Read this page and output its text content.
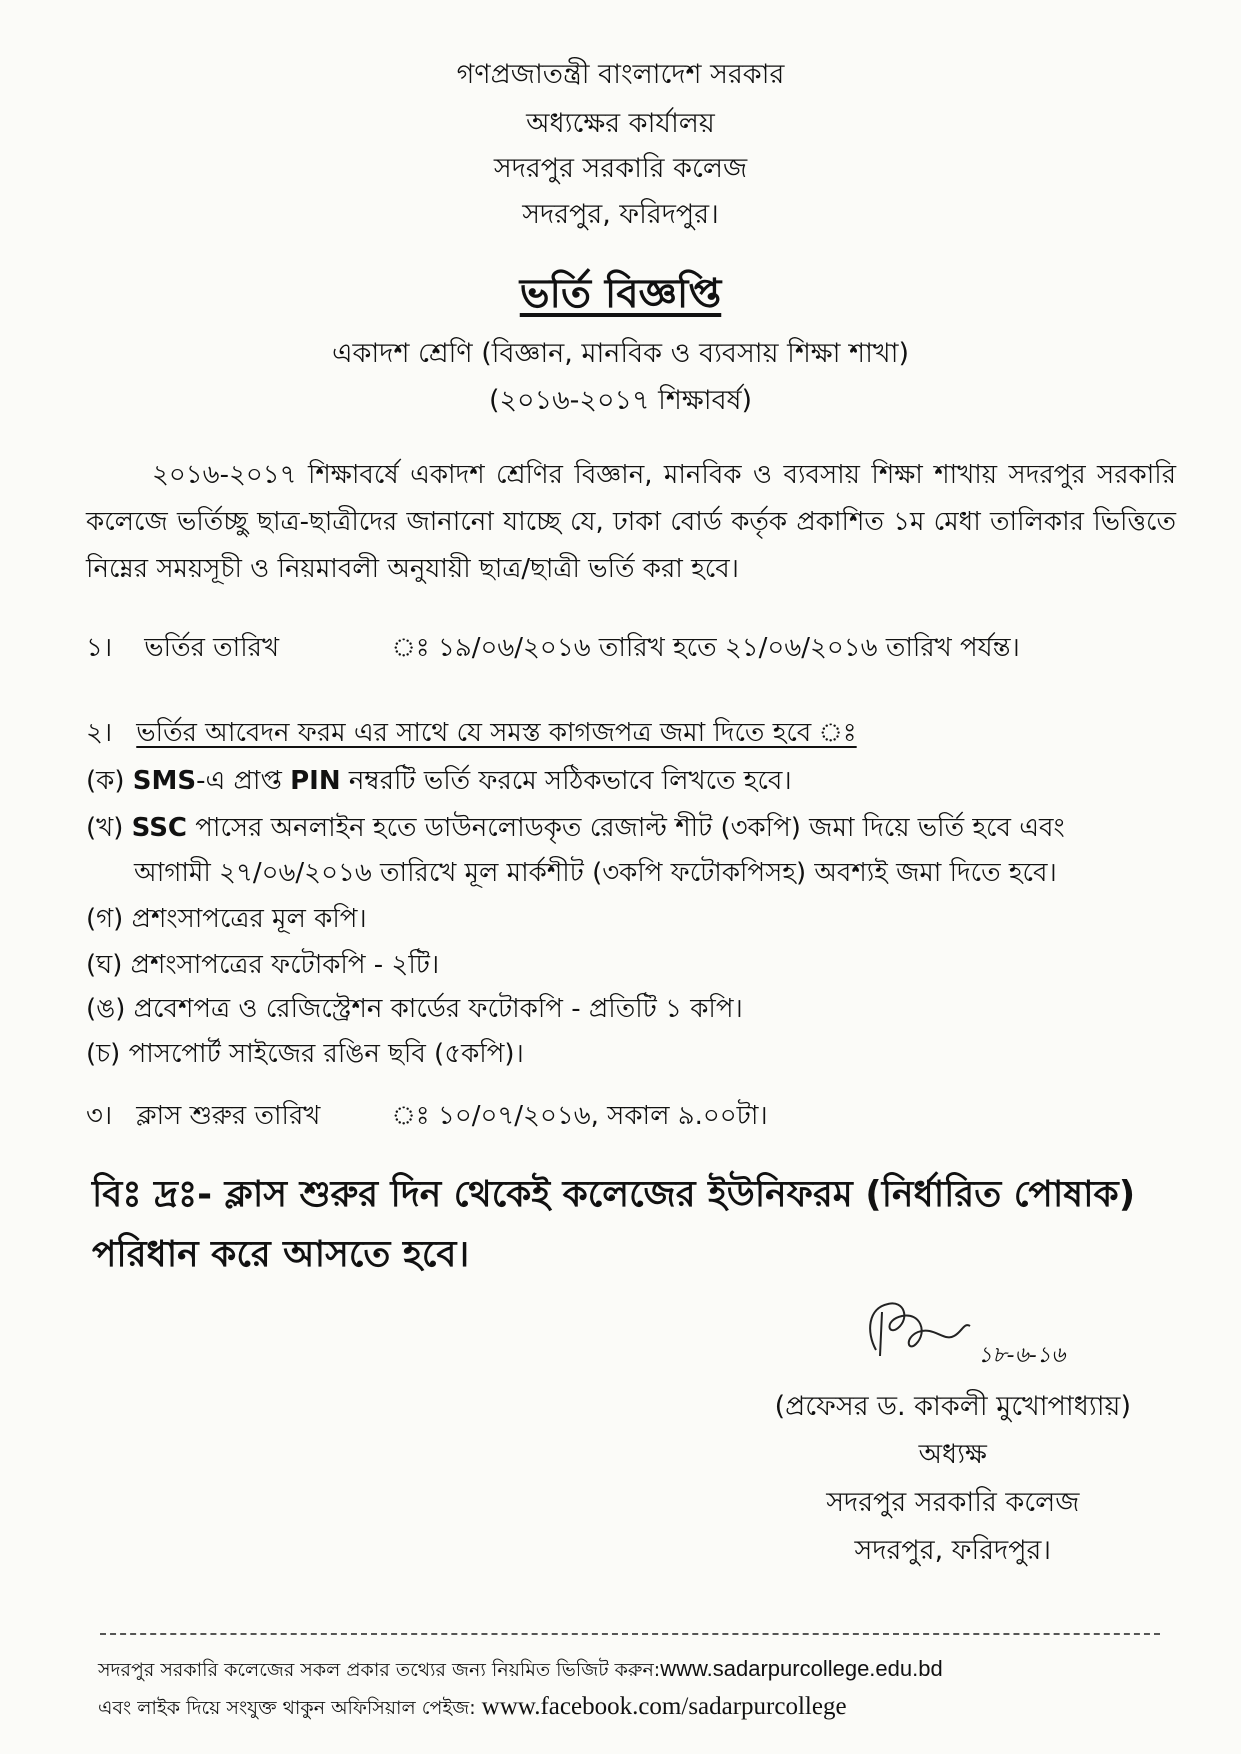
গণপ্রজাতন্ত্রী বাংলাদেশ সরকার
অধ্যক্ষের কার্যালয়
সদরপুর সরকারি কলেজ
সদরপুর, ফরিদপুর।
ভর্তি বিজ্ঞপ্তি
একাদশ শ্রেণি (বিজ্ঞান, মানবিক ও ব্যবসায় শিক্ষা শাখা)
(২০১৬-২০১৭ শিক্ষাবর্ষ)
২০১৬-২০১৭ শিক্ষাবর্ষে একাদশ শ্রেণির বিজ্ঞান, মানবিক ও ব্যবসায় শিক্ষা শাখায় সদরপুর সরকারি কলেজে ভর্তিচ্ছু ছাত্র-ছাত্রীদের জানানো যাচ্ছে যে, ঢাকা বোর্ড কর্তৃক প্রকাশিত ১ম মেধা তালিকার ভিত্তিতে নিম্নের সময়সূচী ও নিয়মাবলী অনুযায়ী ছাত্র/ছাত্রী ভর্তি করা হবে।
১। ভর্তির তারিখ	ঃ ১৯/০৬/২০১৬ তারিখ হতে ২১/০৬/২০১৬ তারিখ পর্যন্ত।
২। ভর্তির আবেদন ফরম এর সাথে যে সমস্ত কাগজপত্র জমা দিতে হবে ঃ
(ক) SMS-এ প্রাপ্ত PIN নম্বরটি ভর্তি ফরমে সঠিকভাবে লিখতে হবে।
(খ) SSC পাসের অনলাইন হতে ডাউনলোডকৃত রেজাল্ট শীট (৩কপি) জমা দিয়ে ভর্তি হবে এবং
আগামী ২৭/০৬/২০১৬ তারিখে মূল মার্কশীট (৩কপি ফটোকপিসহ) অবশ্যই জমা দিতে হবে।
(গ) প্রশংসাপত্রের মূল কপি।
(ঘ) প্রশংসাপত্রের ফটোকপি - ২টি।
(ঙ) প্রবেশপত্র ও রেজিস্ট্রেশন কার্ডের ফটোকপি - প্রতিটি ১ কপি।
(চ) পাসপোর্ট সাইজের রঙিন ছবি (৫কপি)।
৩। ক্লাস শুরুর তারিখ	ঃ ১০/০৭/২০১৬, সকাল ৯.০০টা।
বিঃ দ্রঃ- ক্লাস শুরুর দিন থেকেই কলেজের ইউনিফরম (নির্ধারিত পোষাক) পরিধান করে আসতে হবে।
১৮-৬-১৬
(প্রফেসর ড. কাকলী মুখোপাধ্যায়)
অধ্যক্ষ
সদরপুর সরকারি কলেজ
সদরপুর, ফরিদপুর।
সদরপুর সরকারি কলেজের সকল প্রকার তথ্যের জন্য নিয়মিত ভিজিট করুন:www.sadarpurcollege.edu.bd
এবং লাইক দিয়ে সংযুক্ত থাকুন অফিসিয়াল পেইজ: www.facebook.com/sadarpurcollege
